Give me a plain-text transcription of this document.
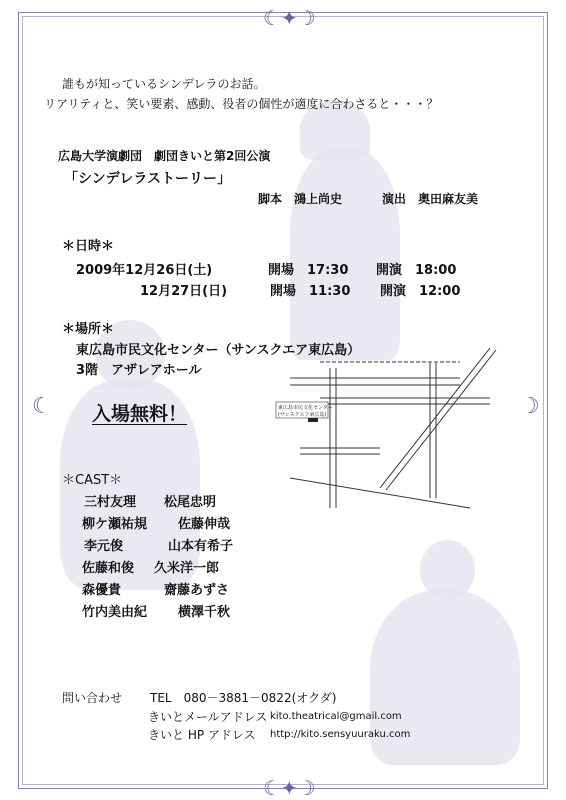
☾✦☽
☾✦☽
☾	☽
誰もが知っているシンデレラのお話。
リアリティと、笑い要素、感動、役者の個性が適度に合わさると・・・？
広島大学演劇団　劇団きいと第2回公演
「シンデレラストーリー」
脚本　鴻上尚史	演出　奥田麻友美
＊日時＊
2009年12月26日(土)	開場　17:30 開演　18:00
12月27日(日)	開場　11:30 開演　12:00
＊場所＊
東広島市民文化センター（サンスクエア東広島）
3階　アザレアホール
入場無料！	東広島市民文化センター
(サンスクエア東広島)
＊CAST＊
三村友理 松尾忠明
柳ケ瀬祐規 佐藤伸哉
李元俊	山本有希子
佐藤和俊 久米洋一郎
森優貴	齋藤あずさ
竹内美由紀 横澤千秋
問い合わせ TEL　080－3881－0822(オクダ)
きいとメールアドレス kito.theatrical@gmail.com
きいと HP アドレス http://kito.sensyuuraku.com
